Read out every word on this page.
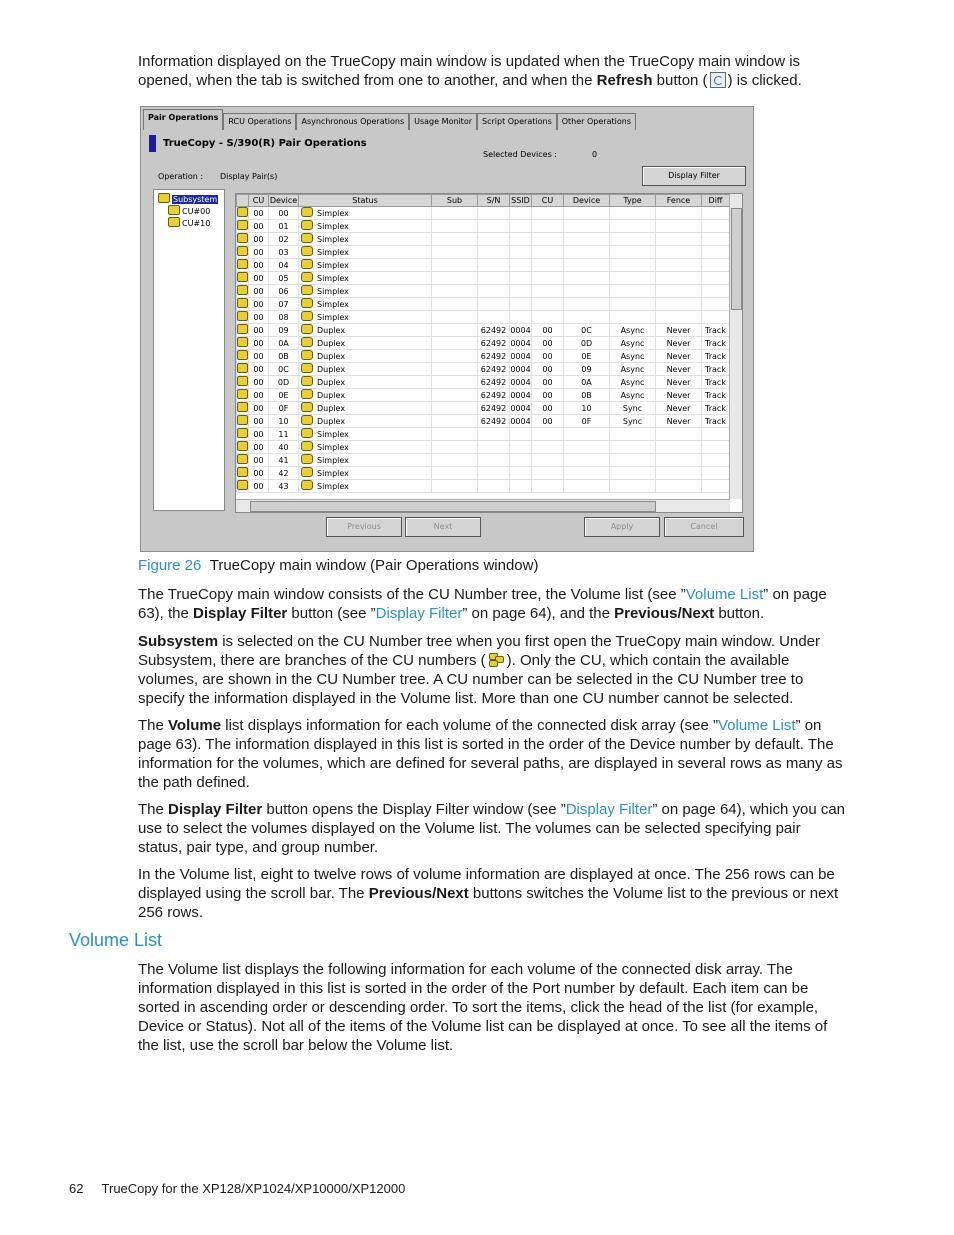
Information displayed on the TrueCopy main window is updated when the TrueCopy main window is opened, when the tab is switched from one to another, and when the Refresh button ( ) is clicked.

Pair Operations	RCU Operations	Asynchronous Operations	Usage Monitor	Script Operations	Other Operations
TrueCopy - S/390(R) Pair Operations
Selected Devices :	0
Operation : Display Pair(s)	Display Filter
Subsystem
CU#00
CU#10
	CU	Device	Status	Sub	S/N	SSID	CU	Device	Type	Fence	Diff	
	00	00	Simplex									
	00	01	Simplex									
	00	02	Simplex									
	00	03	Simplex									
	00	04	Simplex									
	00	05	Simplex									
	00	06	Simplex									
	00	07	Simplex									
	00	08	Simplex									
	00	09	Duplex		62492	0004	00	0C	Async	Never	Track	
	00	0A	Duplex		62492	0004	00	0D	Async	Never	Track	
	00	0B	Duplex		62492	0004	00	0E	Async	Never	Track	
	00	0C	Duplex		62492	0004	00	09	Async	Never	Track	
	00	0D	Duplex		62492	0004	00	0A	Async	Never	Track	
	00	0E	Duplex		62492	0004	00	0B	Async	Never	Track	
	00	0F	Duplex		62492	0004	00	10	Sync	Never	Track	
	00	10	Duplex		62492	0004	00	0F	Sync	Never	Track	
	00	11	Simplex									
	00	40	Simplex									
	00	41	Simplex									
	00	42	Simplex									
	00	43	Simplex									
Previous	Next	Apply	Cancel
Figure 26 TrueCopy main window (Pair Operations window)

The TrueCopy main window consists of the CU Number tree, the Volume list (see ”Volume List” on page 63), the Display Filter button (see ”Display Filter” on page 64), and the Previous/Next button.

Subsystem is selected on the CU Number tree when you first open the TrueCopy main window. Under Subsystem, there are branches of the CU numbers ( ). Only the CU, which contain the available volumes, are shown in the CU Number tree. A CU number can be selected in the CU Number tree to specify the information displayed in the Volume list. More than one CU number cannot be selected.

The Volume list displays information for each volume of the connected disk array (see ”Volume List” on page 63). The information displayed in this list is sorted in the order of the Device number by default. The information for the volumes, which are defined for several paths, are displayed in several rows as many as the path defined.

The Display Filter button opens the Display Filter window (see ”Display Filter” on page 64), which you can use to select the volumes displayed on the Volume list. The volumes can be selected specifying pair status, pair type, and group number.

In the Volume list, eight to twelve rows of volume information are displayed at once. The 256 rows can be displayed using the scroll bar. The Previous/Next buttons switches the Volume list to the previous or next 256 rows.

Volume List

The Volume list displays the following information for each volume of the connected disk array. The information displayed in this list is sorted in the order of the Port number by default. Each item can be sorted in ascending order or descending order. To sort the items, click the head of the list (for example, Device or Status). Not all of the items of the Volume list can be displayed at once. To see all the items of the list, use the scroll bar below the Volume list.

62 TrueCopy for the XP128/XP1024/XP10000/XP12000
